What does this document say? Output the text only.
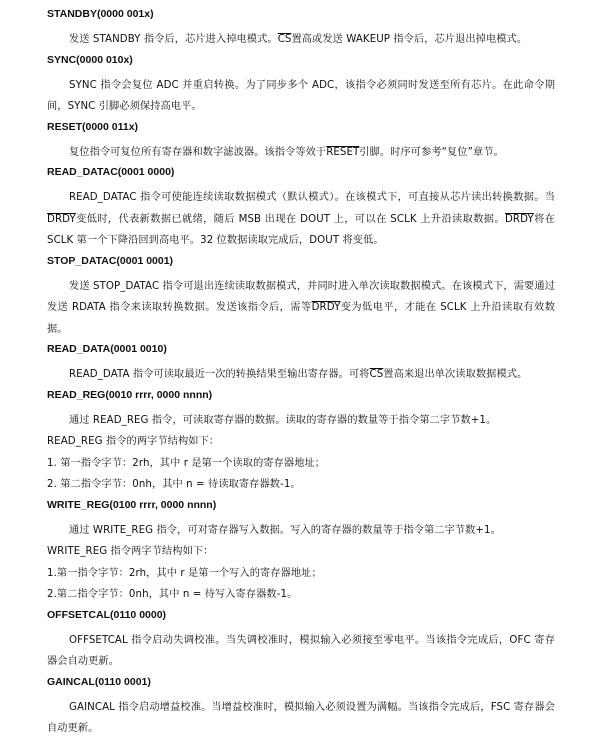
STANDBY(0000 001x)

发送 STANDBY 指令后，芯片进入掉电模式。$\overline{CS}$置高或发送 WAKEUP 指令后，芯片退出掉电模式。

SYNC(0000 010x)

SYNC 指令会复位 ADC 并重启转换。为了同步多个 ADC，该指令必须同时发送至所有芯片。在此命令期间，SYNC 引脚必须保持高电平。

RESET(0000 011x)

复位指令可复位所有寄存器和数字滤波器。该指令等效于RESET引脚。时序可参考“复位”章节。

READ_DATAC(0001 0000)

READ_DATAC 指令可使能连续读取数据模式（默认模式）。在该模式下，可直接从芯片读出转换数据。当DRDY变低时，代表新数据已就绪，随后 MSB 出现在 DOUT 上，可以在 SCLK 上升沿读取数据。DRDY将在 SCLK 第一个下降沿回到高电平。32 位数据读取完成后，DOUT 将变低。

STOP_DATAC(0001 0001)

发送 STOP_DATAC 指令可退出连续读取数据模式，并同时进入单次读取数据模式。在该模式下，需要通过发送 RDATA 指令来读取转换数据。发送该指令后，需等DRDY变为低电平，才能在 SCLK 上升沿读取有效数据。

READ_DATA(0001 0010)

READ_DATA 指令可读取最近一次的转换结果至输出寄存器。可将$\overline{CS}$置高来退出单次读取数据模式。

READ_REG(0010 rrrr, 0000 nnnn)

通过 READ_REG 指令，可读取寄存器的数据。读取的寄存器的数量等于指令第二字节数+1。

READ_REG 指令的两字节结构如下：

1. 第一指令字节：2rh，其中 r 是第一个读取的寄存器地址；

2. 第二指令字节：0nh，其中 n = 待读取寄存器数-1。

WRITE_REG(0100 rrrr, 0000 nnnn)

通过 WRITE_REG 指令，可对寄存器写入数据。写入的寄存器的数量等于指令第二字节数+1。

WRITE_REG 指令两字节结构如下：

1.第一指令字节：2rh，其中 r 是第一个写入的寄存器地址；

2.第二指令字节：0nh，其中 n = 待写入寄存器数-1。

OFFSETCAL(0110 0000)

OFFSETCAL 指令启动失调校准。当失调校准时，模拟输入必须接至零电平。当该指令完成后，OFC 寄存器会自动更新。

GAINCAL(0110 0001)

GAINCAL 指令启动增益校准。当增益校准时，模拟输入必须设置为满幅。当该指令完成后，FSC 寄存器会自动更新。
